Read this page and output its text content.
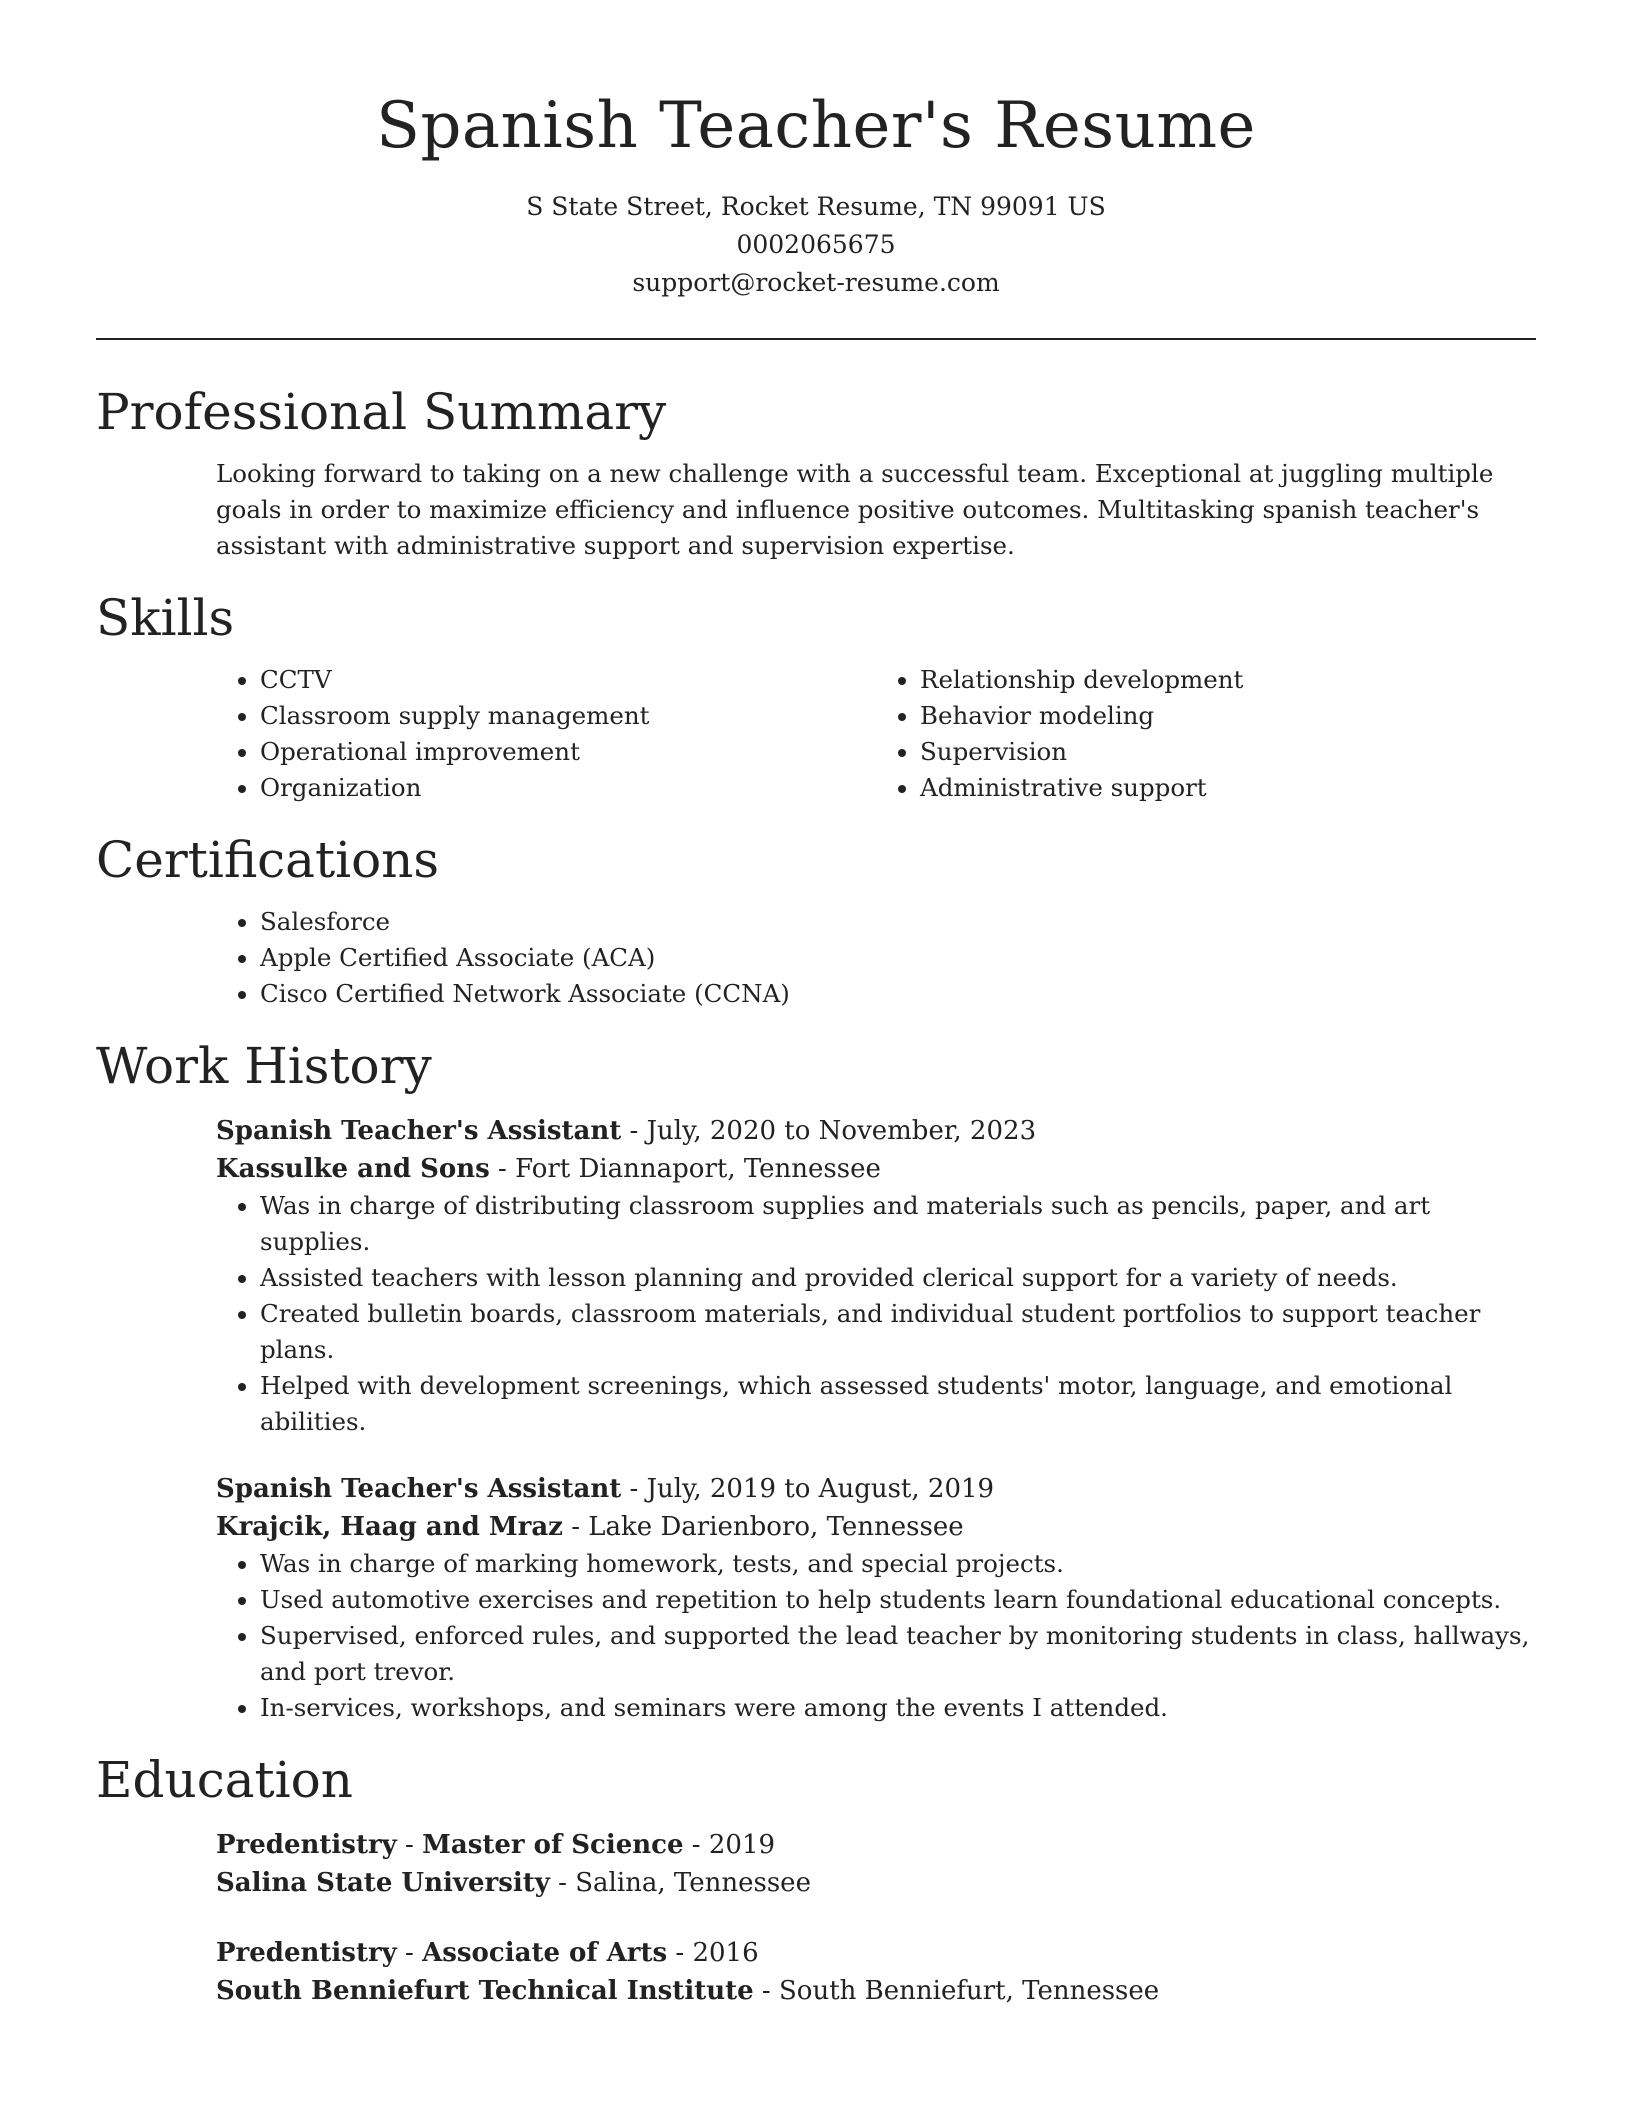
Spanish Teacher's Resume
S State Street, Rocket Resume, TN 99091 US
0002065675
support@rocket-resume.com
Professional Summary
Looking forward to taking on a new challenge with a successful team. Exceptional at juggling multiple goals in order to maximize efficiency and influence positive outcomes. Multitasking spanish teacher's assistant with administrative support and supervision expertise.
Skills
• CCTV
• Classroom supply management
• Operational improvement
• Organization
• Relationship development
• Behavior modeling
• Supervision
• Administrative support
Certifications
• Salesforce
• Apple Certified Associate (ACA)
• Cisco Certified Network Associate (CCNA)
Work History
Spanish Teacher's Assistant - July, 2020 to November, 2023
Kassulke and Sons - Fort Diannaport, Tennessee
• Was in charge of distributing classroom supplies and materials such as pencils, paper, and art supplies.
• Assisted teachers with lesson planning and provided clerical support for a variety of needs.
• Created bulletin boards, classroom materials, and individual student portfolios to support teacher plans.
• Helped with development screenings, which assessed students' motor, language, and emotional abilities.
Spanish Teacher's Assistant - July, 2019 to August, 2019
Krajcik, Haag and Mraz - Lake Darienboro, Tennessee
• Was in charge of marking homework, tests, and special projects.
• Used automotive exercises and repetition to help students learn foundational educational concepts.
• Supervised, enforced rules, and supported the lead teacher by monitoring students in class, hallways, and port trevor.
• In-services, workshops, and seminars were among the events I attended.
Education
Predentistry - Master of Science - 2019
Salina State University - Salina, Tennessee
Predentistry - Associate of Arts - 2016
South Benniefurt Technical Institute - South Benniefurt, Tennessee
